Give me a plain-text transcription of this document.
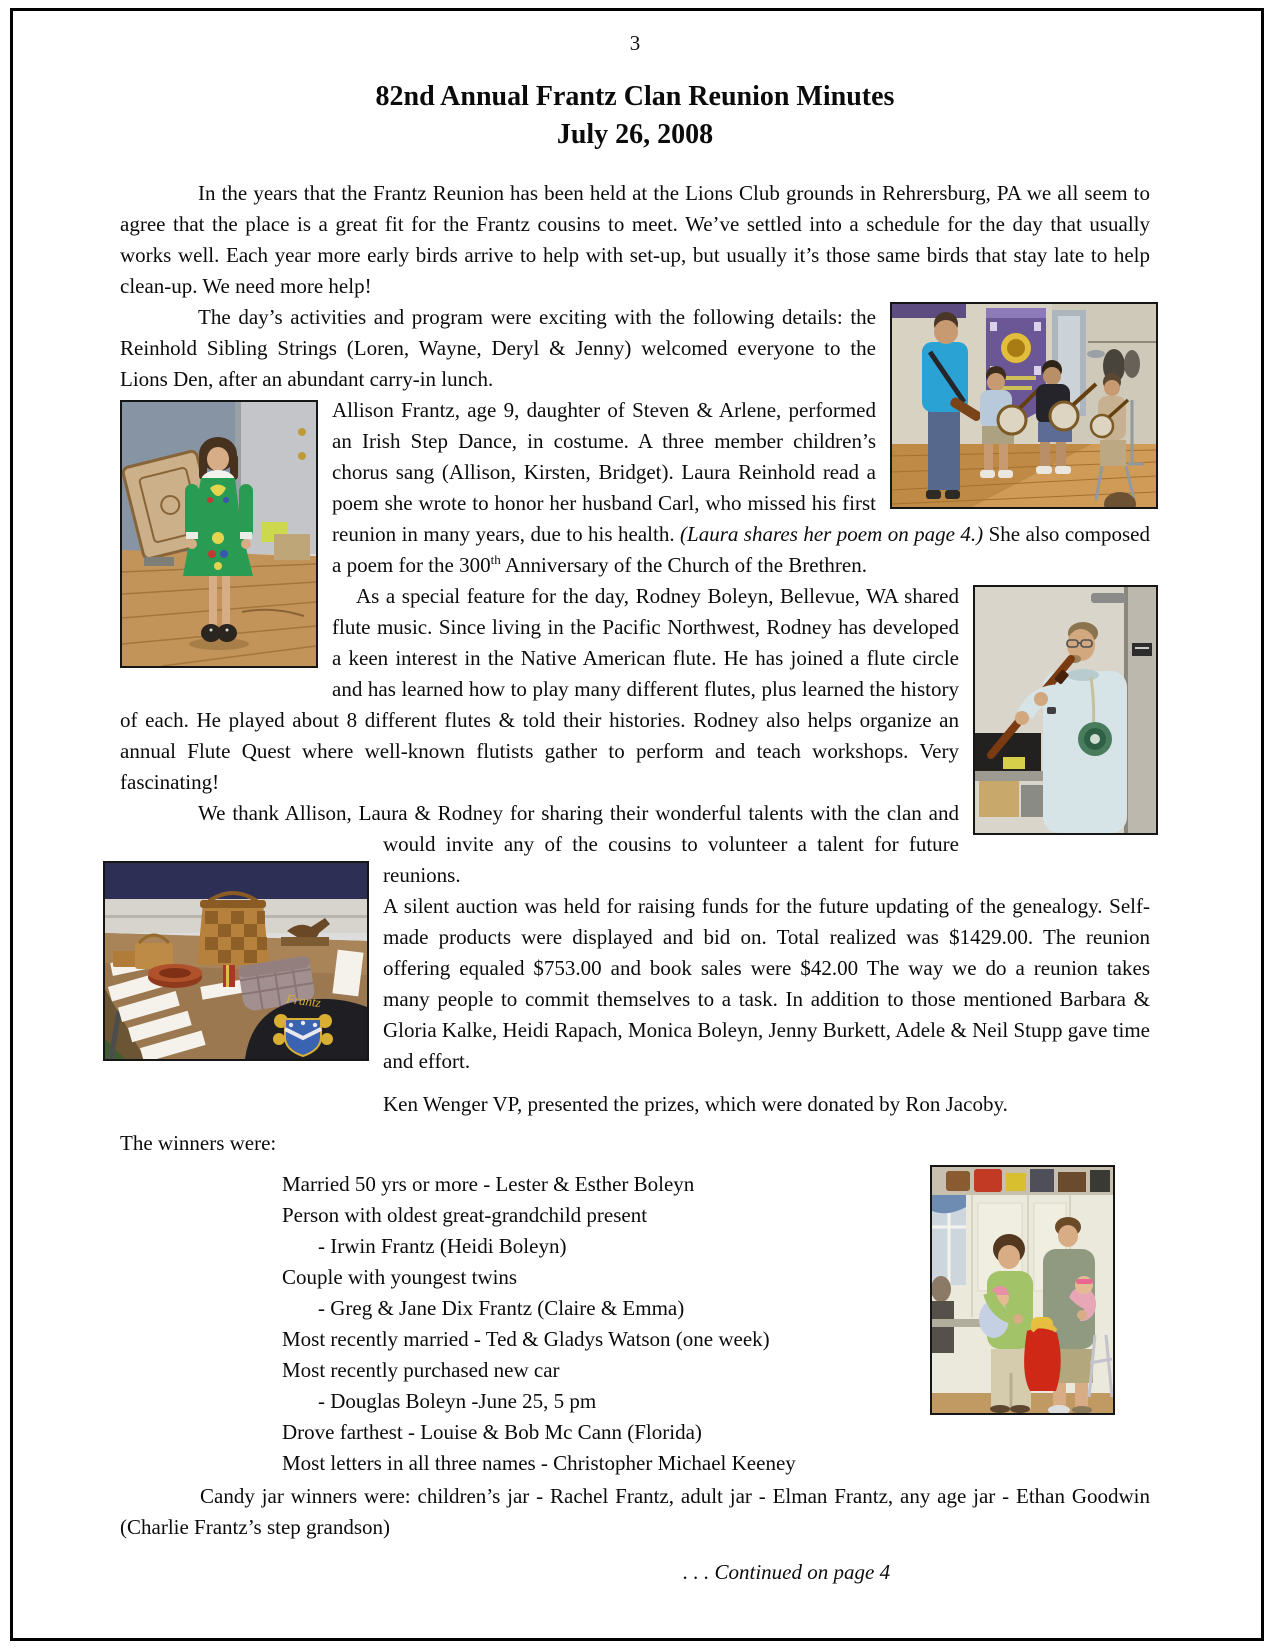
3
82nd Annual Frantz Clan Reunion Minutes
July 26, 2008

In the years that the Frantz Reunion has been held at the Lions Club grounds in Rehrersburg, PA we all seem to agree that the place is a great fit for the Frantz cousins to meet. We’ve settled into a schedule for the day that usually works well. Each year more early birds arrive to help with set-up, but usually it’s those same birds that stay late to help clean-up. We need more help!

The day’s activities and program were exciting with the following details: the Reinhold Sibling Strings (Loren, Wayne, Deryl & Jenny) welcomed everyone to the Lions Den, after an abundant carry-in lunch.

Allison Frantz, age 9, daughter of Steven & Arlene, performed an Irish Step Dance, in costume. A three member children’s chorus sang (Allison, Kirsten, Bridget). Laura Reinhold read a poem she wrote to honor her husband Carl, who missed his first reunion in many years, due to his health. (Laura shares her poem on page 4.) She also composed a poem for the 300th Anniversary of the Church of the Brethren.

As a special feature for the day, Rodney Boleyn, Bellevue, WA shared flute music. Since living in the Pacific Northwest, Rodney has developed a keen interest in the Native American flute. He has joined a flute circle and has learned how to play many different flutes, plus learned the history of each. He played about 8 different flutes & told their histories. Rodney also helps organize an annual Flute Quest where well-known flutists gather to perform and teach workshops. Very fascinating!

We thank Allison, Laura & Rodney for sharing their wonderful talents with the clan and would invite any of the cousins to volunteer a talent for future
Frantz
reunions.

A silent auction was held for raising funds for the future updating of the genealogy. Self-made products were displayed and bid on. Total realized was $1429.00. The reunion offering equaled $753.00 and book sales were $42.00 The way we do a reunion takes many people to commit themselves to a task. In addition to those mentioned Barbara & Gloria Kalke, Heidi Rapach, Monica Boleyn, Jenny Burkett, Adele & Neil Stupp gave time and effort.

Ken Wenger VP, presented the prizes, which were donated by Ron Jacoby.

The winners were:
Married 50 yrs or more - Lester & Esther Boleyn
Person with oldest great-grandchild present
- Irwin Frantz (Heidi Boleyn)
Couple with youngest twins
- Greg & Jane Dix Frantz (Claire & Emma)
Most recently married - Ted & Gladys Watson (one week)
Most recently purchased new car
- Douglas Boleyn -June 25, 5 pm
Drove farthest - Louise & Bob Mc Cann (Florida)
Most letters in all three names - Christopher Michael Keeney

Candy jar winners were: children’s jar - Rachel Frantz, adult jar - Elman Frantz, any age jar - Ethan Goodwin (Charlie Frantz’s step grandson)

. . . Continued on page 4
